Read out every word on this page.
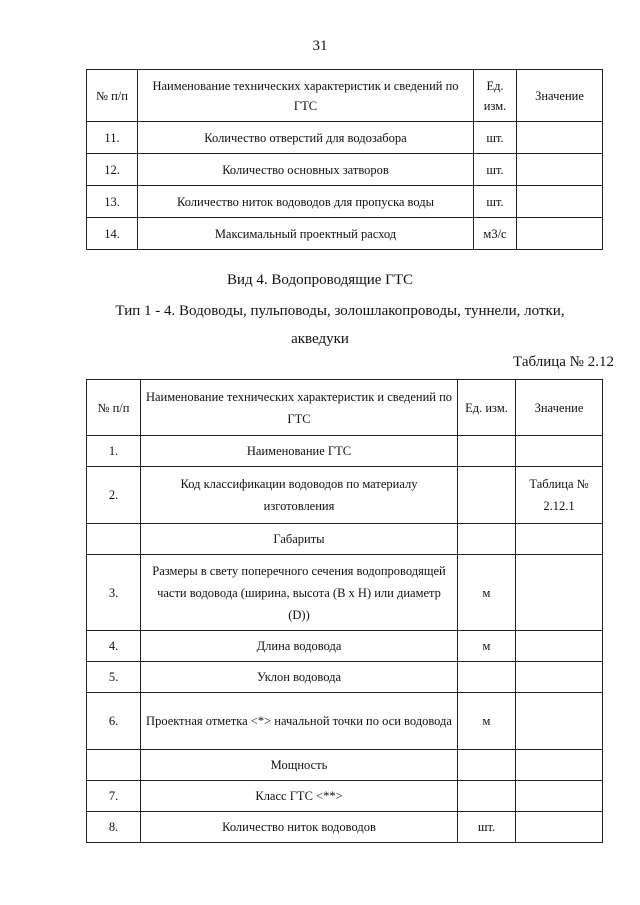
31
№ п/п	Наименование технических характеристик и сведений по ГТС	Ед. изм.	Значение
11.	Количество отверстий для водозабора	шт.	
12.	Количество основных затворов	шт.	
13.	Количество ниток водоводов для пропуска воды	шт.	
14.	Максимальный проектный расход	м3/с	
Вид 4. Водопроводящие ГТС
Тип 1 - 4. Водоводы, пульповоды, золошлакопроводы, туннели, лотки,
акведуки
Таблица № 2.12
№ п/п	Наименование технических характеристик и сведений по ГТС	Ед. изм.	Значение
1.	Наименование ГТС		
2.	Код классификации водоводов по материалу изготовления		Таблица № 2.12.1
	Габариты		
3.	Размеры в свету поперечного сечения водопроводящей части водовода (ширина, высота (В х Н) или диаметр (D))	м	
4.	Длина водовода	м	
5.	Уклон водовода		
6.	Проектная отметка <*> начальной точки по оси водовода	м	
	Мощность		
7.	Класс ГТС <**>		
8.	Количество ниток водоводов	шт.	
